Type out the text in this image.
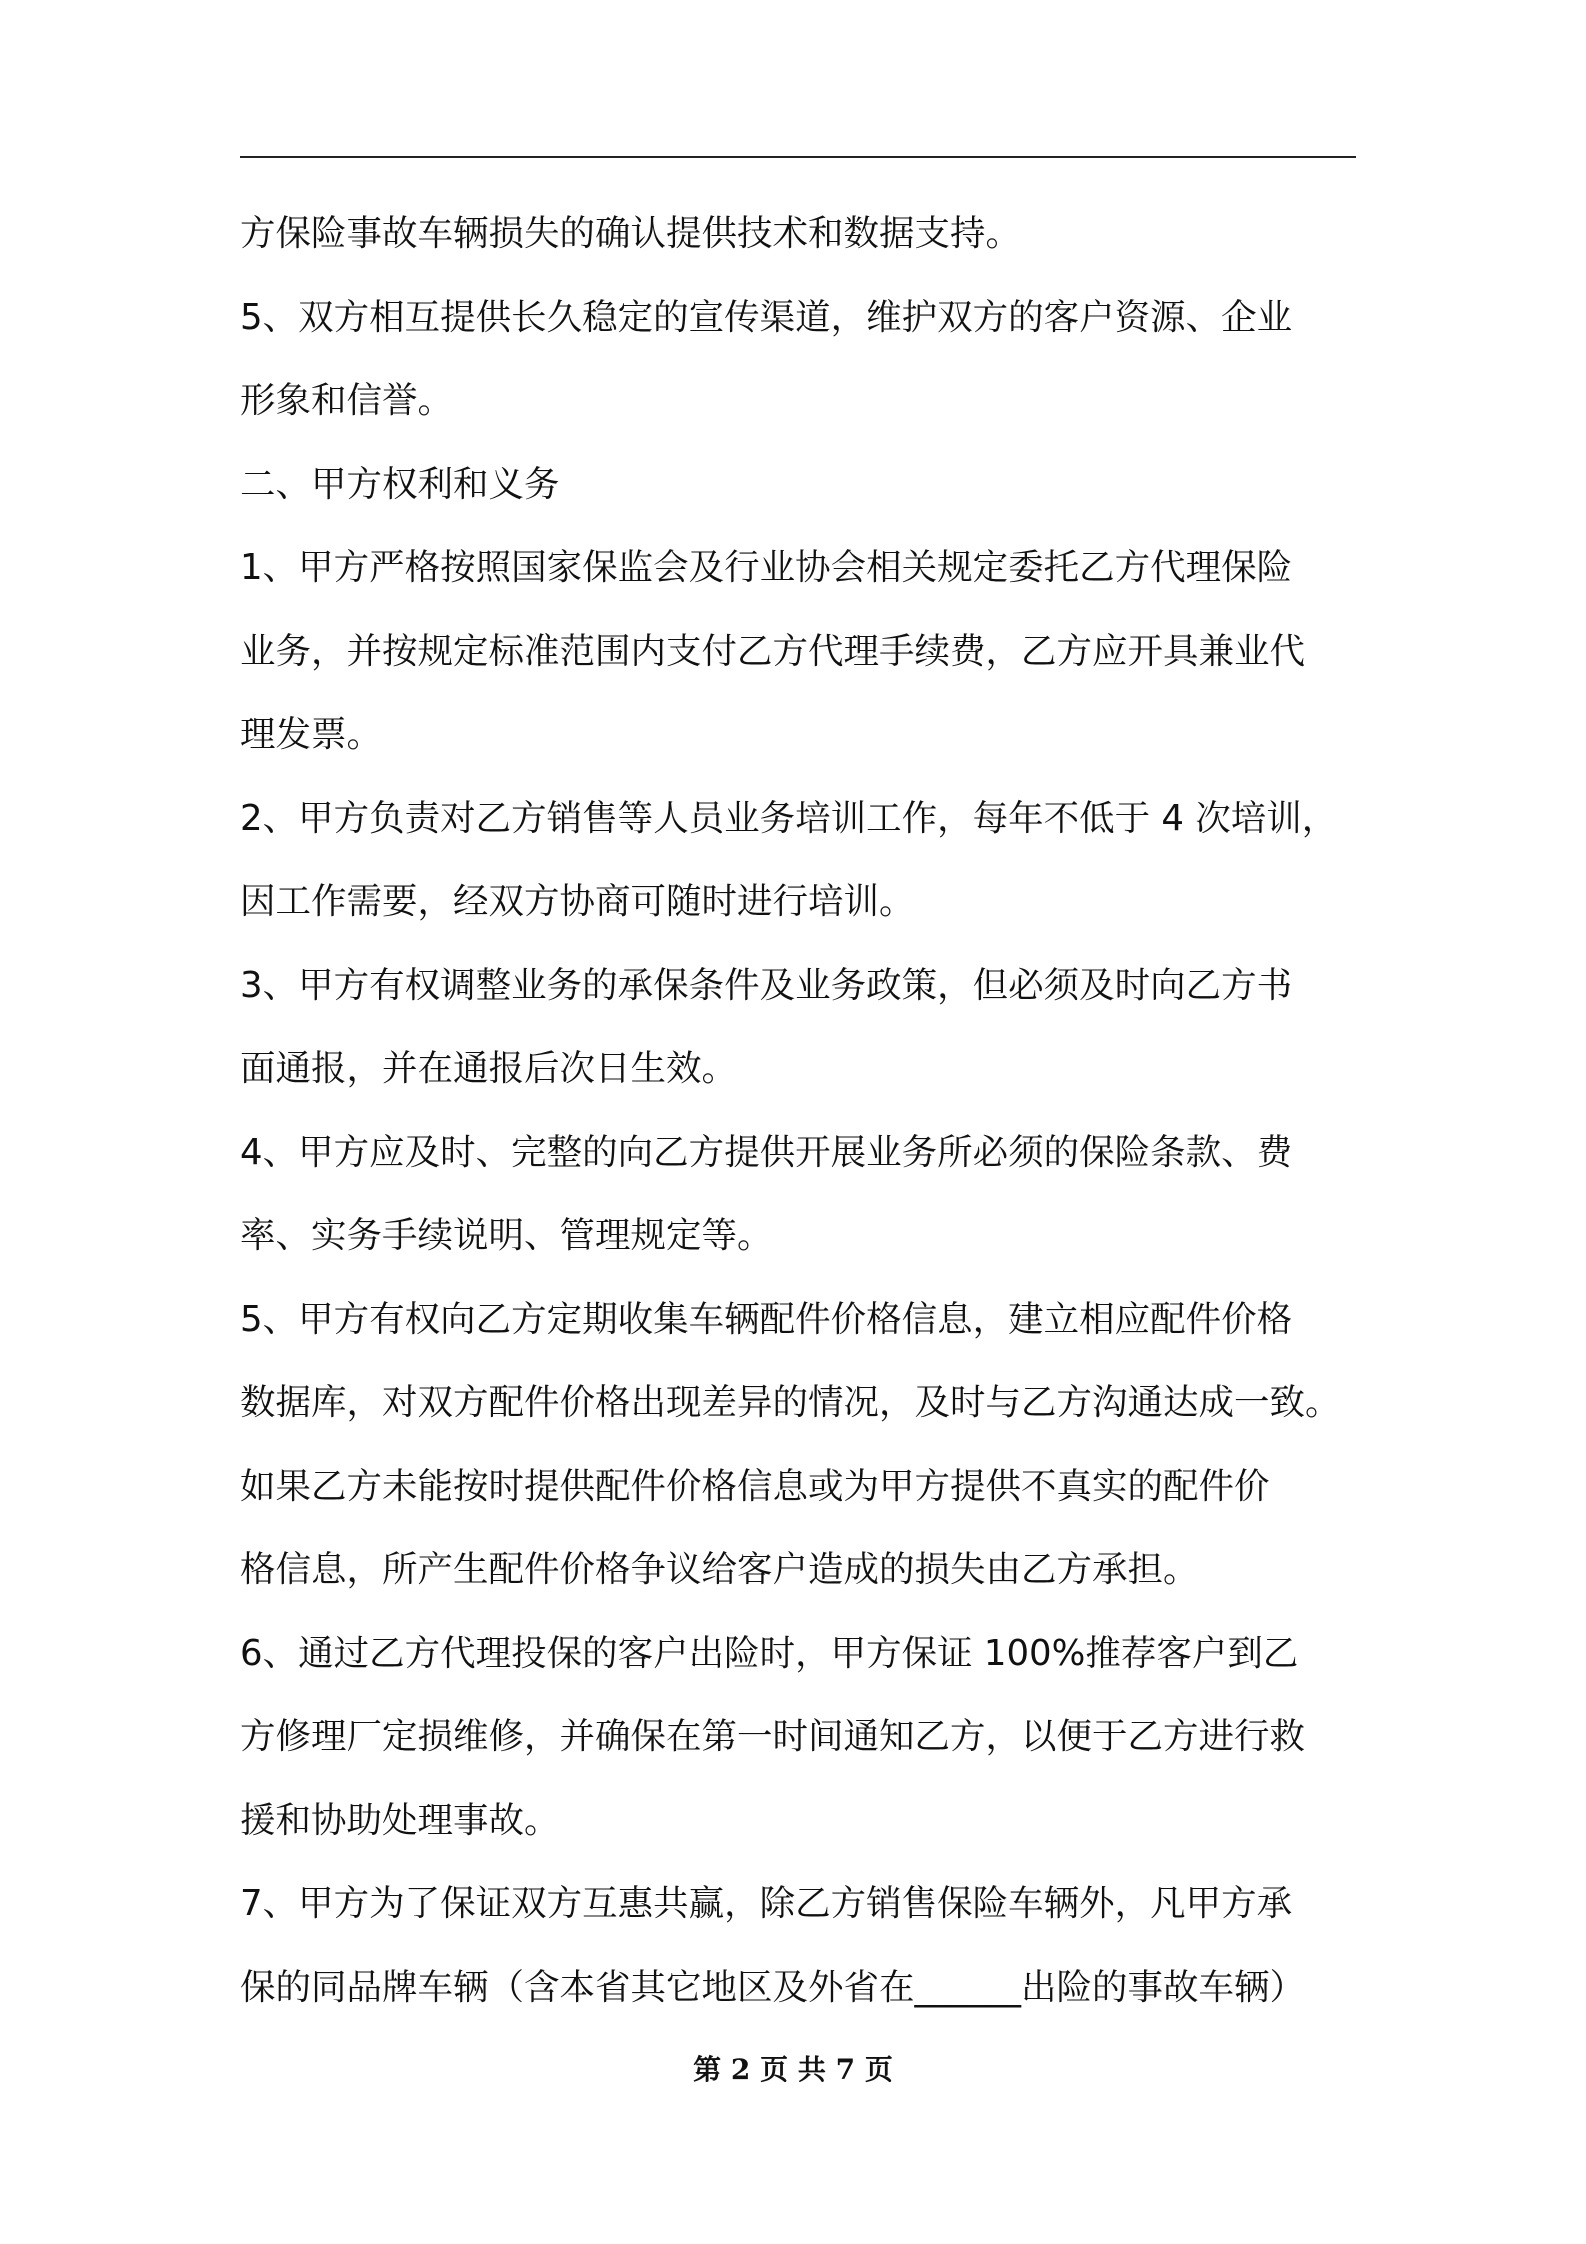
方保险事故车辆损失的确认提供技术和数据支持。
5、双方相互提供长久稳定的宣传渠道，维护双方的客户资源、企业
形象和信誉。
二、甲方权利和义务
1、甲方严格按照国家保监会及行业协会相关规定委托乙方代理保险
业务，并按规定标准范围内支付乙方代理手续费，乙方应开具兼业代
理发票。
2、甲方负责对乙方销售等人员业务培训工作，每年不低于 4 次培训，
因工作需要，经双方协商可随时进行培训。
3、甲方有权调整业务的承保条件及业务政策，但必须及时向乙方书
面通报，并在通报后次日生效。
4、甲方应及时、完整的向乙方提供开展业务所必须的保险条款、费
率、实务手续说明、管理规定等。
5、甲方有权向乙方定期收集车辆配件价格信息，建立相应配件价格
数据库，对双方配件价格出现差异的情况，及时与乙方沟通达成一致。
如果乙方未能按时提供配件价格信息或为甲方提供不真实的配件价
格信息，所产生配件价格争议给客户造成的损失由乙方承担。
6、通过乙方代理投保的客户出险时，甲方保证 100%推荐客户到乙
方修理厂定损维修，并确保在第一时间通知乙方，以便于乙方进行救
援和协助处理事故。
7、甲方为了保证双方互惠共赢，除乙方销售保险车辆外，凡甲方承
保的同品牌车辆（含本省其它地区及外省在______出险的事故车辆）
第 2 页 共 7 页
